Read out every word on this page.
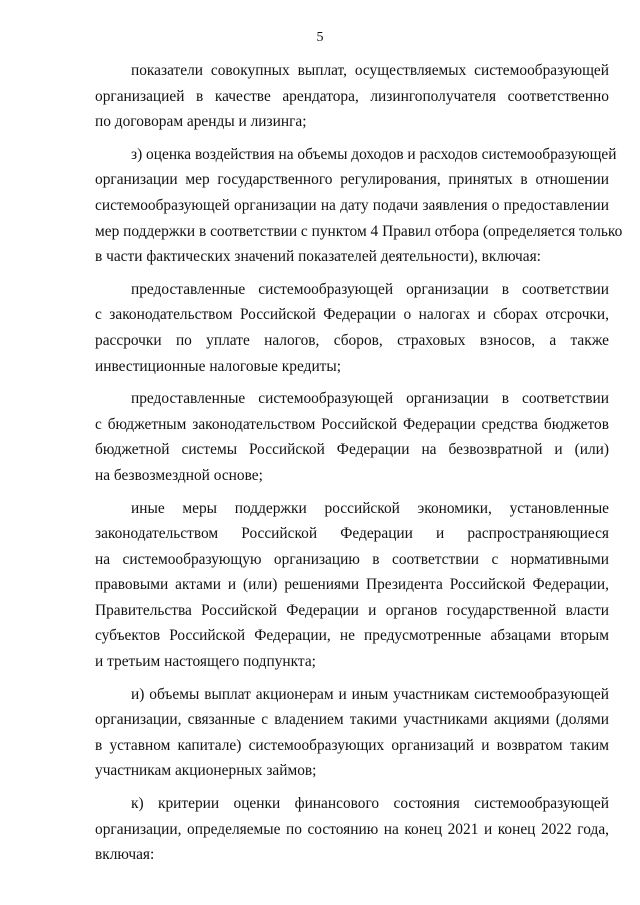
5
показатели совокупных выплат, осуществляемых системообразующей
организацией в качестве арендатора, лизингополучателя соответственно
по договорам аренды и лизинга;
з) оценка воздействия на объемы доходов и расходов системообразующей
организации мер государственного регулирования, принятых в отношении
системообразующей организации на дату подачи заявления о предоставлении
мер поддержки в соответствии с пунктом 4 Правил отбора (определяется только
в части фактических значений показателей деятельности), включая:
предоставленные системообразующей организации в соответствии
с законодательством Российской Федерации о налогах и сборах отсрочки,
рассрочки по уплате налогов, сборов, страховых взносов, а также
инвестиционные налоговые кредиты;
предоставленные системообразующей организации в соответствии
с бюджетным законодательством Российской Федерации средства бюджетов
бюджетной системы Российской Федерации на безвозвратной и (или)
на безвозмездной основе;
иные меры поддержки российской экономики, установленные
законодательством Российской Федерации и распространяющиеся
на системообразующую организацию в соответствии с нормативными
правовыми актами и (или) решениями Президента Российской Федерации,
Правительства Российской Федерации и органов государственной власти
субъектов Российской Федерации, не предусмотренные абзацами вторым
и третьим настоящего подпункта;
и) объемы выплат акционерам и иным участникам системообразующей
организации, связанные с владением такими участниками акциями (долями
в уставном капитале) системообразующих организаций и возвратом таким
участникам акционерных займов;
к) критерии оценки финансового состояния системообразующей
организации, определяемые по состоянию на конец 2021 и конец 2022 года,
включая:
